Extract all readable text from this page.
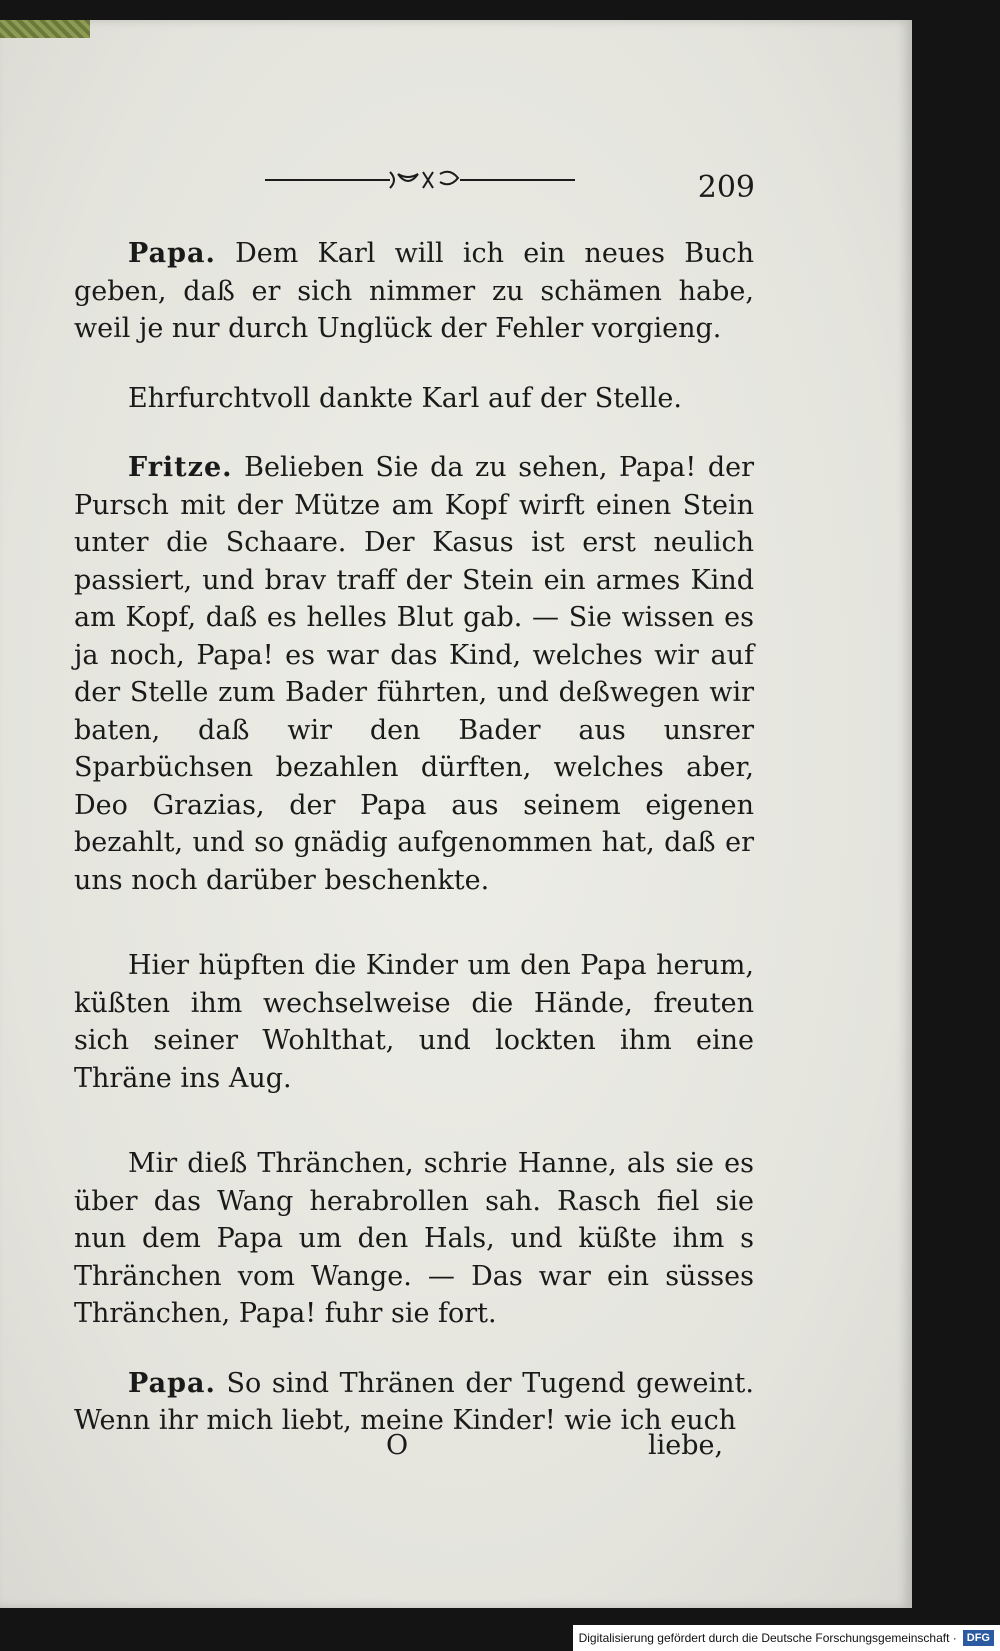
209

Papa. Dem Karl will ich ein neues Buch geben, daß er sich nimmer zu schämen habe, weil je nur durch Unglück der Fehler vorgieng.

Ehrfurchtvoll dankte Karl auf der Stelle.

Fritze. Belieben Sie da zu sehen, Papa! der Pursch mit der Mütze am Kopf wirft einen Stein unter die Schaare. Der Kasus ist erst neulich passiert, und brav traff der Stein ein armes Kind am Kopf, daß es helles Blut gab. — Sie wissen es ja noch, Papa! es war das Kind, welches wir auf der Stelle zum Bader führten, und deßwegen wir baten, daß wir den Bader aus unsrer Sparbüchsen bezahlen dürften, welches aber, Deo Grazias, der Papa aus seinem eigenen bezahlt, und so gnädig aufgenommen hat, daß er uns noch darüber beschenkte.

Hier hüpften die Kinder um den Papa herum, küßten ihm wechselweise die Hände, freuten sich seiner Wohlthat, und lockten ihm eine Thräne ins Aug.

Mir dieß Thränchen, schrie Hanne, als sie es über das Wang herabrollen sah. Rasch fiel sie nun dem Papa um den Hals, und küßte ihm s Thränchen vom Wange. — Das war ein süsses Thränchen, Papa! fuhr sie fort.

Papa. So sind Thränen der Tugend geweint. Wenn ihr mich liebt, meine Kinder! wie ich euch

O	liebe,
Digitalisierung gefördert durch die Deutsche Forschungsgemeinschaft · DFG
